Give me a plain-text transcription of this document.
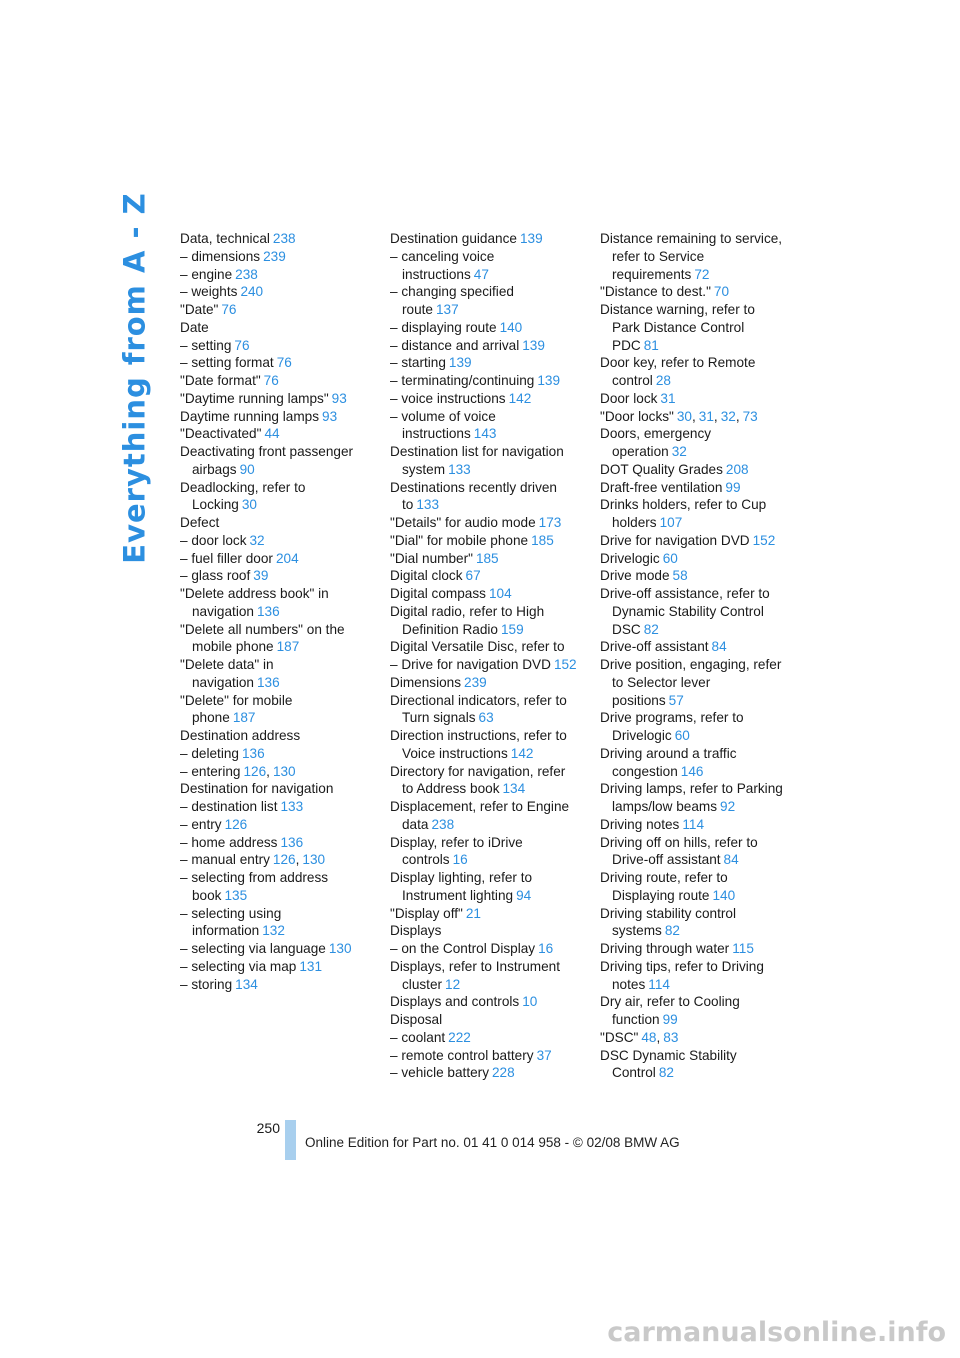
Everything from A - Z Data, technical 238
– dimensions 239
– engine 238
– weights 240
"Date" 76
Date
– setting 76
– setting format 76
"Date format" 76
"Daytime running lamps" 93
Daytime running lamps 93
"Deactivated" 44
Deactivating front passenger
airbags 90
Deadlocking, refer to
Locking 30
Defect
– door lock 32
– fuel filler door 204
– glass roof 39
"Delete address book" in
navigation 136
"Delete all numbers" on the
mobile phone 187
"Delete data" in
navigation 136
"Delete" for mobile
phone 187
Destination address
– deleting 136
– entering 126, 130
Destination for navigation
– destination list 133
– entry 126
– home address 136
– manual entry 126, 130
– selecting from address
book 135
– selecting using
information 132
– selecting via language 130
– selecting via map 131
– storing 134
Destination guidance 139
– canceling voice
instructions 47
– changing specified
route 137
– displaying route 140
– distance and arrival 139
– starting 139
– terminating/continuing 139
– voice instructions 142
– volume of voice
instructions 143
Destination list for navigation
system 133
Destinations recently driven
to 133
"Details" for audio mode 173
"Dial" for mobile phone 185
"Dial number" 185
Digital clock 67
Digital compass 104
Digital radio, refer to High
Definition Radio 159
Digital Versatile Disc, refer to
– Drive for navigation DVD 152
Dimensions 239
Directional indicators, refer to
Turn signals 63
Direction instructions, refer to
Voice instructions 142
Directory for navigation, refer
to Address book 134
Displacement, refer to Engine
data 238
Display, refer to iDrive
controls 16
Display lighting, refer to
Instrument lighting 94
"Display off" 21
Displays
– on the Control Display 16
Displays, refer to Instrument
cluster 12
Displays and controls 10
Disposal
– coolant 222
– remote control battery 37
– vehicle battery 228
Distance remaining to service,
refer to Service
requirements 72
"Distance to dest." 70
Distance warning, refer to
Park Distance Control
PDC 81
Door key, refer to Remote
control 28
Door lock 31
"Door locks" 30, 31, 32, 73
Doors, emergency
operation 32
DOT Quality Grades 208
Draft-free ventilation 99
Drinks holders, refer to Cup
holders 107
Drive for navigation DVD 152
Drivelogic 60
Drive mode 58
Drive-off assistance, refer to
Dynamic Stability Control
DSC 82
Drive-off assistant 84
Drive position, engaging, refer
to Selector lever
positions 57
Drive programs, refer to
Drivelogic 60
Driving around a traffic
congestion 146
Driving lamps, refer to Parking
lamps/low beams 92
Driving notes 114
Driving off on hills, refer to
Drive-off assistant 84
Driving route, refer to
Displaying route 140
Driving stability control
systems 82
Driving through water 115
Driving tips, refer to Driving
notes 114
Dry air, refer to Cooling
function 99
"DSC" 48, 83
DSC Dynamic Stability
Control 82
250
Online Edition for Part no. 01 41 0 014 958 - © 02/08 BMW AG
carmanualsonline.info
